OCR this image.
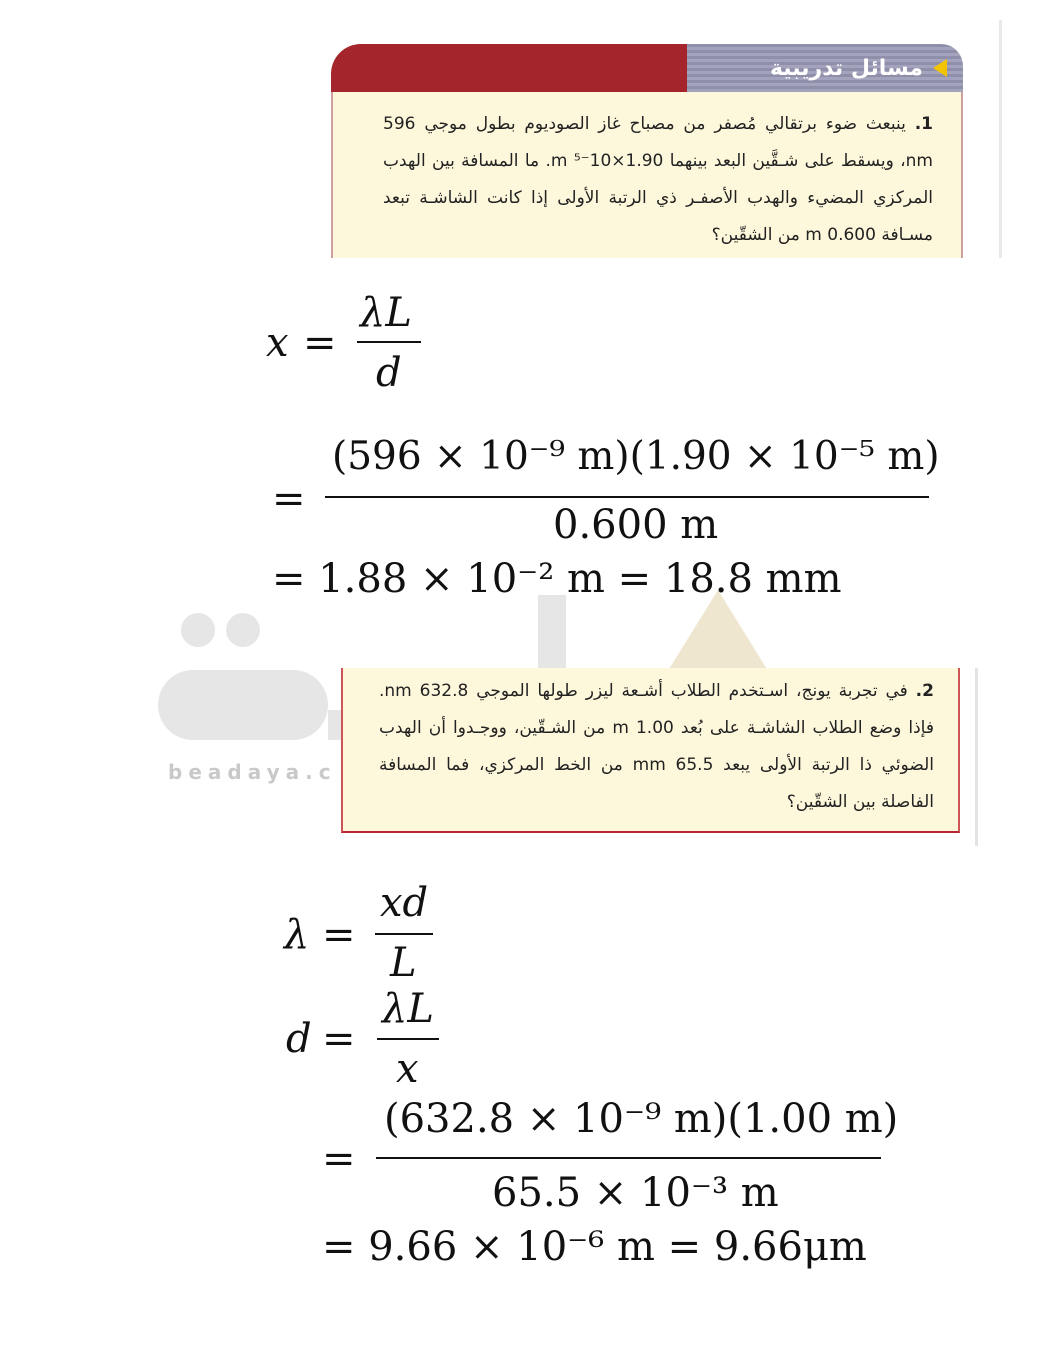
beadaya.c
مسائل تدريبية
1. ينبعث ضوء برتقالي مُصفر من مصباح غاز الصوديوم بطول موجي 596 nm، ويسقط على شـقَّين البعد بينهما 1.90×10⁻⁵ m. ما المسافة بين الهدب المركزي المضيء والهدب الأصفـر ذي الرتبة الأولى إذا كانت الشاشـة تبعد مسـافة 0.600 m من الشقّين؟
x =
λL
d
=
(596 × 10⁻⁹ m)(1.90 × 10⁻⁵ m)
0.600 m
= 1.88 × 10⁻² m = 18.8 mm
2. في تجربة يونج، اسـتخدم الطلاب أشـعة ليزر طولها الموجي 632.8 nm. فإذا وضع الطلاب الشاشـة على بُعد 1.00 m من الشـقّين، ووجـدوا أن الهدب الضوئي ذا الرتبة الأولى يبعد 65.5 mm من الخط المركزي، فما المسافة الفاصلة بين الشقّين؟
λ =
xd
L
d =
λL
x
=
(632.8 × 10⁻⁹ m)(1.00 m)
65.5 × 10⁻³ m
= 9.66 × 10⁻⁶ m = 9.66μm
